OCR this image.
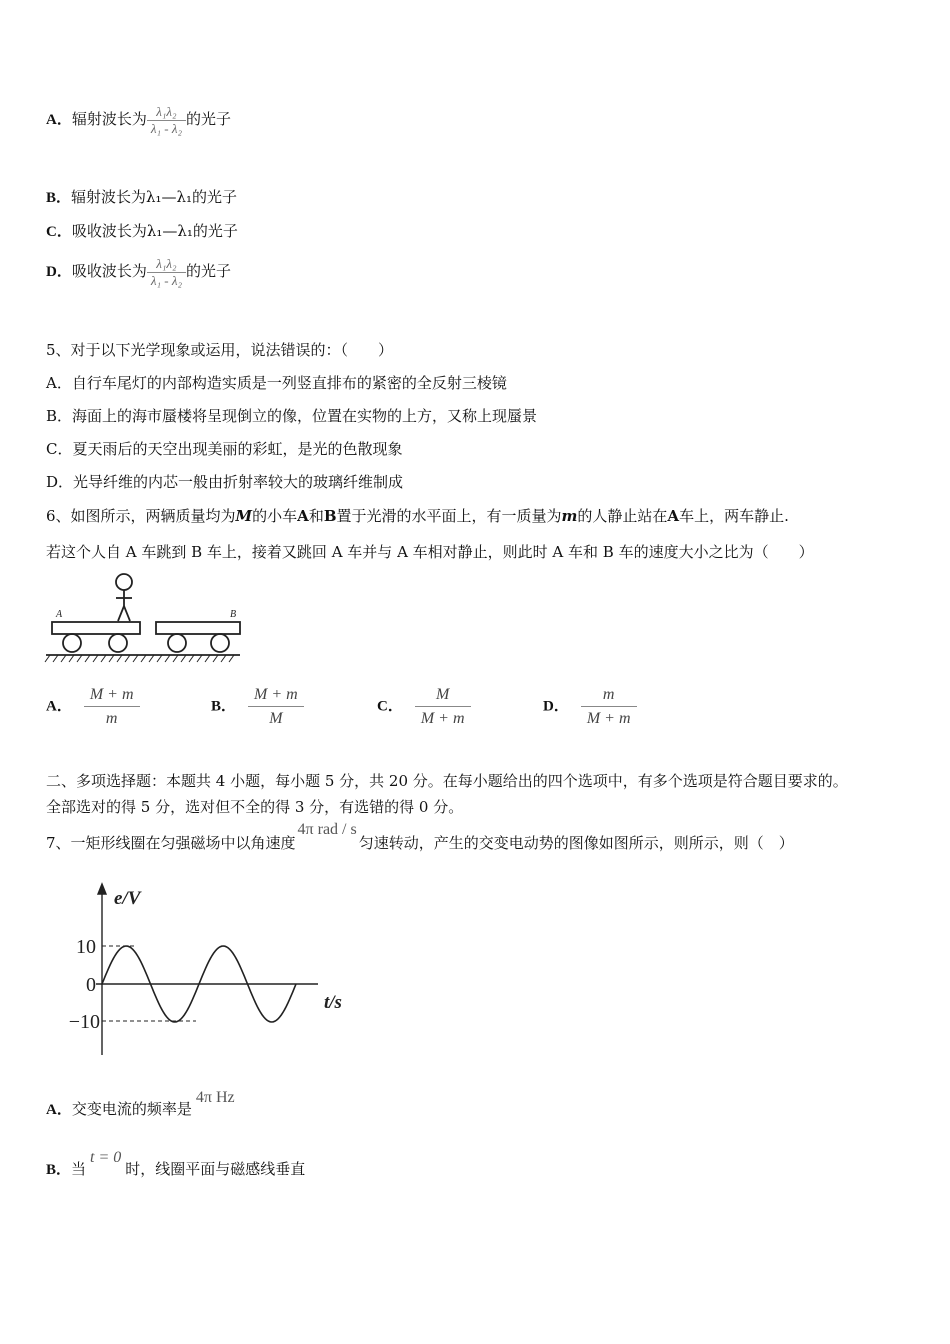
A．辐射波长为 $\frac{\text{λ₁λ₂}}{\text{λ₁ - λ₂}}$ 的光子
B．辐射波长为λ₁—λ₁的光子
C．吸收波长为λ₁—λ₁的光子
D．吸收波长为 $\frac{\text{λ₁λ₂}}{\text{λ₁ - λ₂}}$ 的光子
5、对于以下光学现象或运用，说法错误的：（　　）
A．自行车尾灯的内部构造实质是一列竖直排布的紧密的全反射三棱镜
B．海面上的海市蜃楼将呈现倒立的像，位置在实物的上方，又称上现蜃景
C．夏天雨后的天空出现美丽的彩虹，是光的色散现象
D．光导纤维的内芯一般由折射率较大的玻璃纤维制成
6、如图所示，两辆质量均为M的小车A和B置于光滑的水平面上，有一质量为m的人静止站在A车上，两车静止.
若这个人自 A 车跳到 B 车上，接着又跳回 A 车并与 A 车相对静止，则此时 A 车和 B 车的速度大小之比为（　　）
A	B
A． $\frac{M + m}{m}$	B． $\frac{M + m}{M}$	C． $\frac{M}{M + m}$	D． $\frac{m}{M + m}$
二、多项选择题：本题共 4 小题，每小题 5 分，共 20 分。在每小题给出的四个选项中，有多个选项是符合题目要求的。
全部选对的得 5 分，选对但不全的得 3 分，有选错的得 0 分。
7、一矩形线圈在匀强磁场中以角速度4π rad / s匀速转动，产生的交变电动势的图像如图所示，则所示，则（　）
e/V
t/s
10
0
−10
A．交变电流的频率是4π Hz
B．当t = 0时，线圈平面与磁感线垂直
